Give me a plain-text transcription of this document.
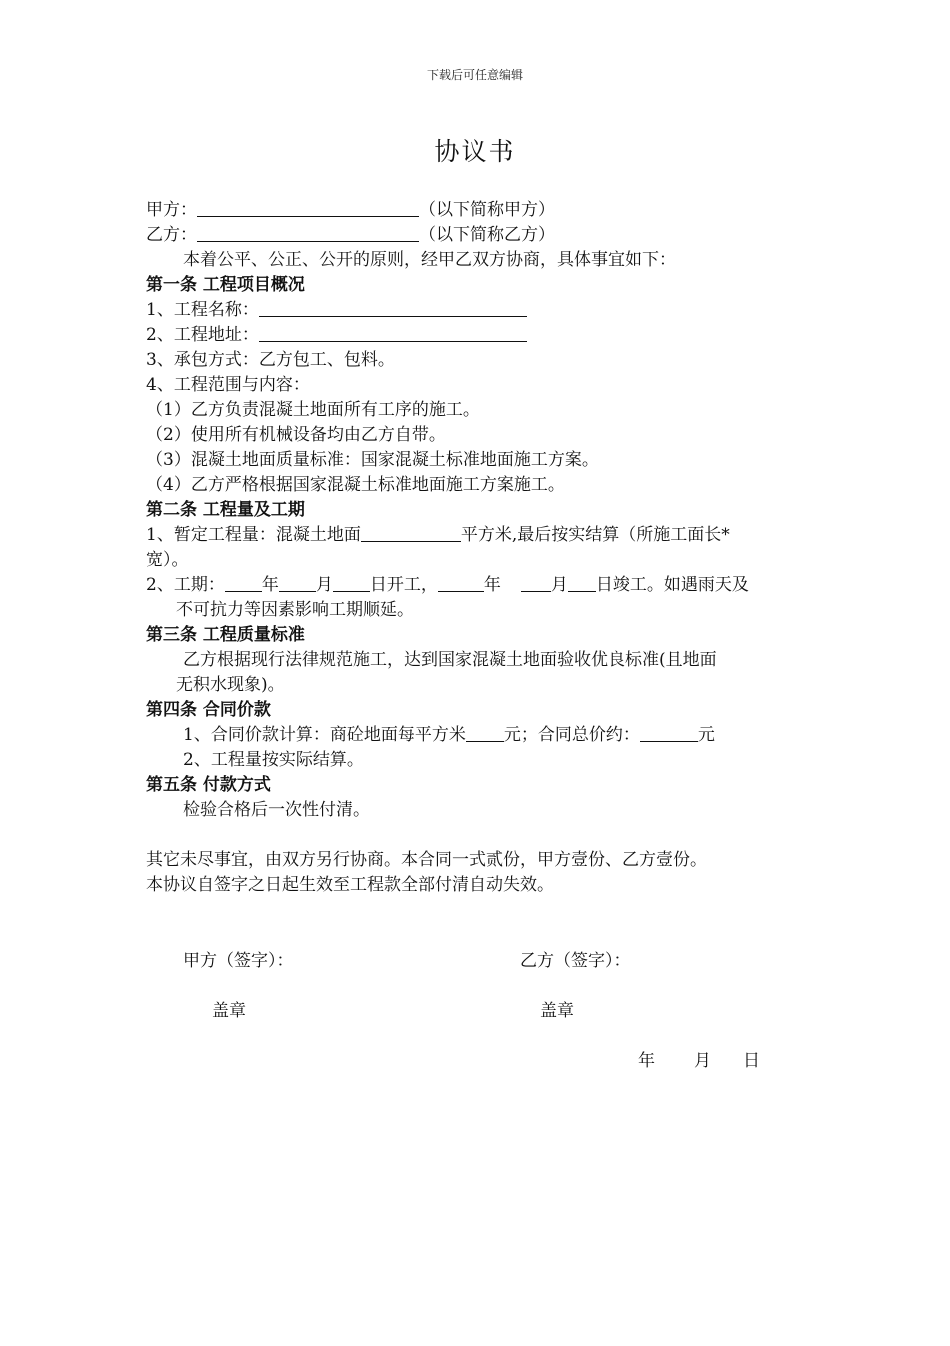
下载后可任意编辑
协议书
甲方：	（以下简称甲方）
乙方：	（以下简称乙方）
本着公平、公正、公开的原则，经甲乙双方协商，具体事宜如下：
第一条 工程项目概况
1、工程名称：
2、工程地址：
3、承包方式：乙方包工、包料。
4、工程范围与内容：
（1）乙方负责混凝土地面所有工序的施工。
（2）使用所有机械设备均由乙方自带。
（3）混凝土地面质量标准：国家混凝土标准地面施工方案。
（4）乙方严格根据国家混凝土标准地面施工方案施工。
第二条 工程量及工期
1、暂定工程量：混凝土地面	平方米,最后按实结算（所施工面长*
宽）。
2、工期： 年 月 日开工，	年	月 日竣工。如遇雨天及
不可抗力等因素影响工期顺延。
第三条 工程质量标准
乙方根据现行法律规范施工，达到国家混凝土地面验收优良标准(且地面
无积水现象)。
第四条 合同价款
1、合同价款计算：商砼地面每平方米 元；合同总价约：	元
2、工程量按实际结算。
第五条 付款方式
检验合格后一次性付清。
其它未尽事宜，由双方另行协商。本合同一式贰份，甲方壹份、乙方壹份。
本协议自签字之日起生效至工程款全部付清自动失效。
甲方（签字）：	乙方（签字）：
盖章	盖章
年 月 日
